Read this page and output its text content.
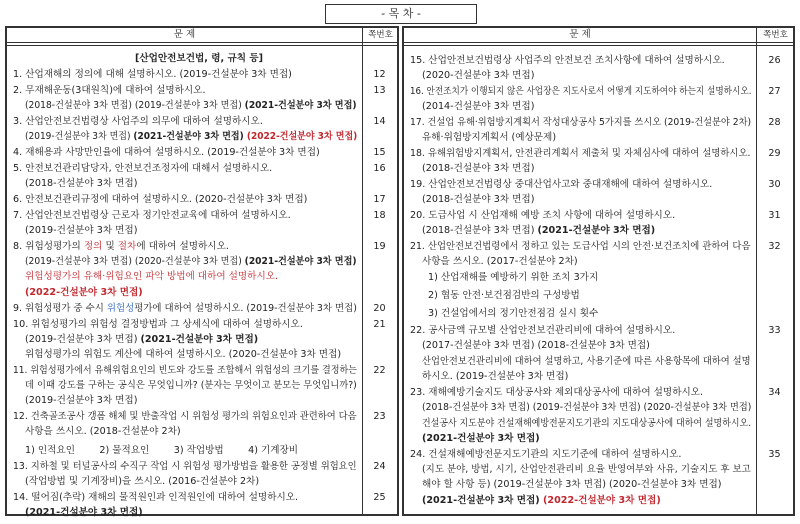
- 목 차 -
문 제	쪽번호
[산업안전보건법, 령, 규칙 등]
1. 산업재해의 정의에 대해 설명하시오. (2019-건설분야 3차 면접)	12
2. 무재해운동(3대원칙)에 대하여 설명하시오.	13
(2018-건설분야 3차 면접) (2019-건설분야 3차 면접) (2021-건설분야 3차 면접)
3. 산업안전보건법령상 사업주의 의무에 대하여 설명하시오.	14
(2019-건설분야 3차 면접) (2021-건설분야 3차 면접) (2022-건설분야 3차 면접)
4. 재해용과 사망만인율에 대하여 설명하시오. (2019-건설분야 3차 면접)	15
5. 안전보건관리담당자, 안전보건조정자에 대해서 설명하시오.	16
(2018-건설분야 3차 면접)
6. 안전보건관리규정에 대하여 설명하시오. (2020-건설분야 3차 면접)	17
7. 산업안전보건법령상 근로자 정기안전교육에 대하여 설명하시오.	18
(2019-건설분야 3차 면접)
8. 위험성평가의 정의 및 절차에 대하여 설명하시오.	19
(2019-건설분야 3차 면접) (2020-건설분야 3차 면접) (2021-건설분야 3차 면접)
위험성평가의 유해·위험요인 파악 방법에 대하여 설명하시오.
(2022-건설분야 3차 면접)
9. 위험성평가 중 수시 위험성평가에 대하여 설명하시오. (2019-건설분야 3차 면접)	20
10. 위험성평가의 위험성 결정방법과 그 상세식에 대하여 설명하시오.	21
(2019-건설분야 3차 면접) (2021-건설분야 3차 면접)
위험성평가의 위험도 계산에 대하여 설명하시오. (2020-건설분야 3차 면접)
11. 위험성평가에서 유해위험요인의 빈도와 강도를 조합해서 위험성의 크기를 결정하는	22
데 이때 강도를 구하는 공식은 무엇입니까? (분자는 무엇이고 분모는 무엇입니까?)
(2019-건설분야 3차 면접)
12. 건축골조공사 갱폼 해체 및 반출작업 시 위험성 평가의 위험요인과 관련하여 다음	23
사항을 쓰시오. (2018-건설분야 2차)
1) 인적요인        2) 물적요인        3) 작업방법        4) 기계장비
13. 지하철 및 터널공사의 수직구 작업 시 위험성 평가방법을 활용한 공정별 위험요인	24
(작업방법 및 기계장비)을 쓰시오. (2016-건설분야 2차)
14. 떨어짐(추락) 재해의 물적원인과 인적원인에 대하여 설명하시오.	25
(2021-건설분야 3차 면접)
문 제	쪽번호
15. 산업안전보건법령상 사업주의 안전보건 조치사항에 대하여 설명하시오.	26
(2020-건설분야 3차 면접)
16. 안전조치가 이행되지 않은 사업장은 지도사로서 어떻게 지도하여야 하는지 설명하시오.	27
(2014-건설분야 3차 면접)
17. 건설업 유해·위험방지계획서 작성대상공사 5가지를 쓰시오 (2019-건설분야 2차)	28
유해·위험방지계획서 (예상문제)
18. 유해위험방지계획서, 안전관리계획서 제출처 및 자체심사에 대하여 설명하시오.	29
(2018-건설분야 3차 면접)
19. 산업안전보건법령상 중대산업사고와 중대재해에 대하여 설명하시오.	30
(2018-건설분야 3차 면접)
20. 도급사업 시 산업재해 예방 조치 사항에 대하여 설명하시오.	31
(2018-건설분야 3차 면접) (2021-건설분야 3차 면접)
21. 산업안전보건법령에서 정하고 있는 도급사업 시의 안전·보건조치에 관하여 다음	32
사항을 쓰시오. (2017-건설분야 2차)
1) 산업재해를 예방하기 위한 조치 3가지
2) 협동 안전·보건점검반의 구성방법
3) 건설업에서의 정기안전점검 실시 횟수
22. 공사금액 규모별 산업안전보건관리비에 대하여 설명하시오.	33
(2017-건설분야 3차 면접) (2018-건설분야 3차 면접)
산업안전보건관리비에 대하여 설명하고, 사용기준에 따른 사용항목에 대하여 설명
하시오. (2019-건설분야 3차 면접)
23. 재해예방기술지도 대상공사와 제외대상공사에 대하여 설명하시오.	34
(2018-건설분야 3차 면접) (2019-건설분야 3차 면접) (2020-건설분야 3차 면접)
건설공사 지도분야 건설재해예방전문지도기관의 지도대상공사에 대하여 설명하시오.
(2021-건설분야 3차 면접)
24. 건설재해예방전문지도기관의 지도기준에 대하여 설명하시오.	35
(지도 분야, 방법, 시기, 산업안전관리비 요율 반영여부와 사유, 기술지도 후 보고
해야 할 사항 등) (2019-건설분야 3차 면접) (2020-건설분야 3차 면접)
(2021-건설분야 3차 면접) (2022-건설분야 3차 면접)
